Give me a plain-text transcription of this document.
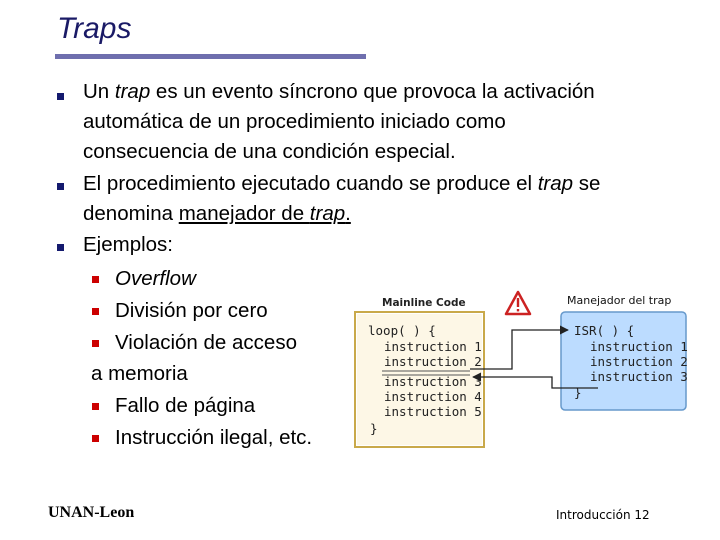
Traps
Un trap es un evento síncrono que provoca la activación
automática de un procedimiento iniciado como
consecuencia de una condición especial.
El procedimiento ejecutado cuando se produce el trap se
denomina manejador de trap.
Ejemplos:
Overflow
División por cero
Violación de acceso
a memoria
Fallo de página
Instrucción ilegal, etc.
Mainline Code
loop( ) {
instruction 1
instruction 2
instruction 3
instruction 4
instruction 5
}
Manejador del trap
ISR( ) {
instruction 1
instruction 2
instruction 3
}
UNAN-Leon	Introducción 12
